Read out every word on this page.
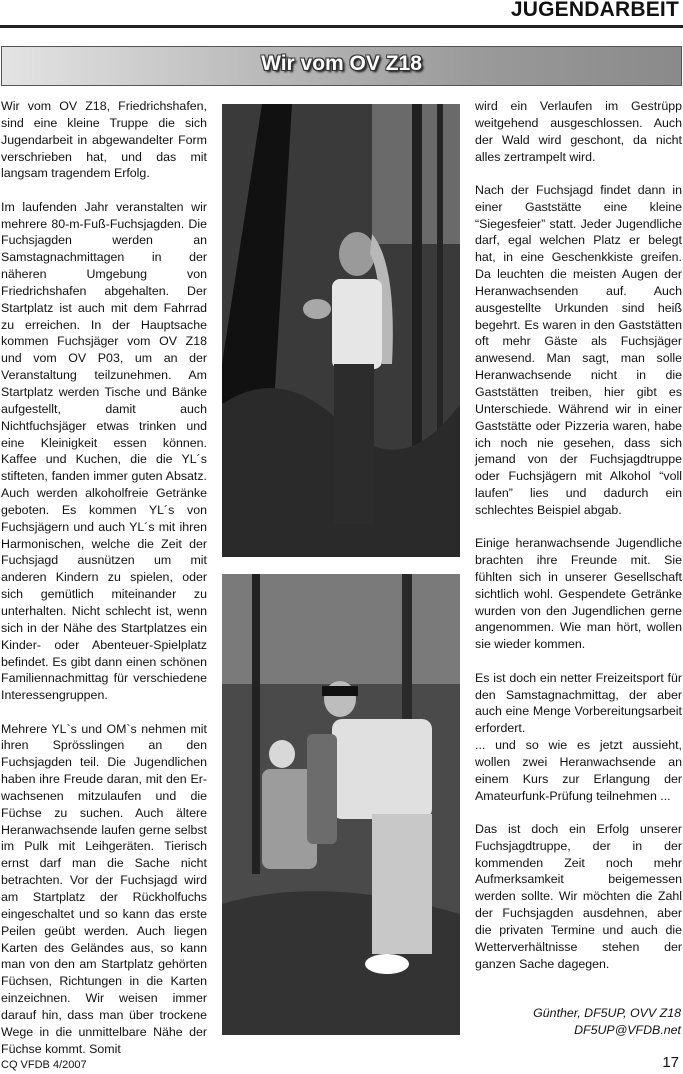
JUGENDARBEIT
Wir vom OV Z18

Wir vom OV Z18, Friedrichshafen, sind eine kleine Truppe die sich Jugendarbeit in abgewandelter Form verschrieben hat, und das mit langsam tragendem Erfolg.

Im laufenden Jahr veranstalten wir mehrere 80-m-Fuß-Fuchsjagden. Die Fuchsjagden werden an Samstagnachmittagen in der näheren Umgebung von Friedrichshafen abgehalten. Der Startplatz ist auch mit dem Fahrrad zu erreichen. In der Hauptsache kommen Fuchsjäger vom OV Z18 und vom OV P03, um an der Veranstaltung teilzunehmen. Am Startplatz werden Tische und Bänke aufgestellt, damit auch Nichtfuchsjäger etwas trinken und eine Kleinigkeit essen können. Kaffee und Kuchen, die die YL´s stifteten, fanden immer guten Absatz. Auch werden alkoholfreie Getränke geboten. Es kommen YL´s von Fuchsjägern und auch YL´s mit ihren Harmonischen, welche die Zeit der Fuchsjagd ausnützen um mit anderen Kindern zu spielen, oder sich gemütlich miteinander zu unterhalten. Nicht schlecht ist, wenn sich in der Nähe des Startplatzes ein Kinder- oder Abenteuer-Spielplatz befindet. Es gibt dann einen schönen Familiennachmittag für verschiedene Interessengruppen.

Mehrere YL`s und OM`s nehmen mit ihren Sprösslingen an den Fuchsjagden teil. Die Jugendlichen haben ihre Freude daran, mit den Er-wachsenen mitzulaufen und die Füchse zu suchen. Auch ältere Heranwachsende laufen gerne selbst im Pulk mit Leihgeräten. Tierisch ernst darf man die Sache nicht betrachten. Vor der Fuchsjagd wird am Startplatz der Rückholfuchs eingeschaltet und so kann das erste Peilen geübt werden. Auch liegen Karten des Geländes aus, so kann man von den am Startplatz gehörten Füchsen, Richtungen in die Karten einzeichnen. Wir weisen immer darauf hin, dass man über trockene Wege in die unmittelbare Nähe der Füchse kommt. Somit

wird ein Verlaufen im Gestrüpp weitgehend ausgeschlossen. Auch der Wald wird geschont, da nicht alles zertrampelt wird.

Nach der Fuchsjagd findet dann in einer Gaststätte eine kleine “Siegesfeier” statt. Jeder Jugendliche darf, egal welchen Platz er belegt hat, in eine Geschenkkiste greifen. Da leuchten die meisten Augen der Heranwachsenden auf. Auch ausgestellte Urkunden sind heiß begehrt. Es waren in den Gaststätten oft mehr Gäste als Fuchsjäger anwesend. Man sagt, man solle Heranwachsende nicht in die Gaststätten treiben, hier gibt es Unterschiede. Während wir in einer Gaststätte oder Pizzeria waren, habe ich noch nie gesehen, dass sich jemand von der Fuchsjagdtruppe oder Fuchsjägern mit Alkohol “voll laufen” lies und dadurch ein schlechtes Beispiel abgab.

Einige heranwachsende Jugendliche brachten ihre Freunde mit. Sie fühlten sich in unserer Gesellschaft sichtlich wohl. Gespendete Getränke wurden von den Jugendlichen gerne angenommen. Wie man hört, wollen sie wieder kommen.

Es ist doch ein netter Freizeitsport für den Samstagnachmittag, der aber auch eine Menge Vorbereitungsarbeit erfordert.
... und so wie es jetzt aussieht, wollen zwei Heranwachsende an einem Kurs zur Erlangung der Amateurfunk-Prüfung teilnehmen ...

Das ist doch ein Erfolg unserer Fuchsjagdtruppe, der in der kommenden Zeit noch mehr Aufmerksamkeit beigemessen werden sollte. Wir möchten die Zahl der Fuchsjagden ausdehnen, aber die privaten Termine und auch die Wetterverhältnisse stehen der ganzen Sache dagegen.

Günther, DF5UP, OVV Z18
DF5UP@VFDB.net
CQ VFDB 4/2007	17
